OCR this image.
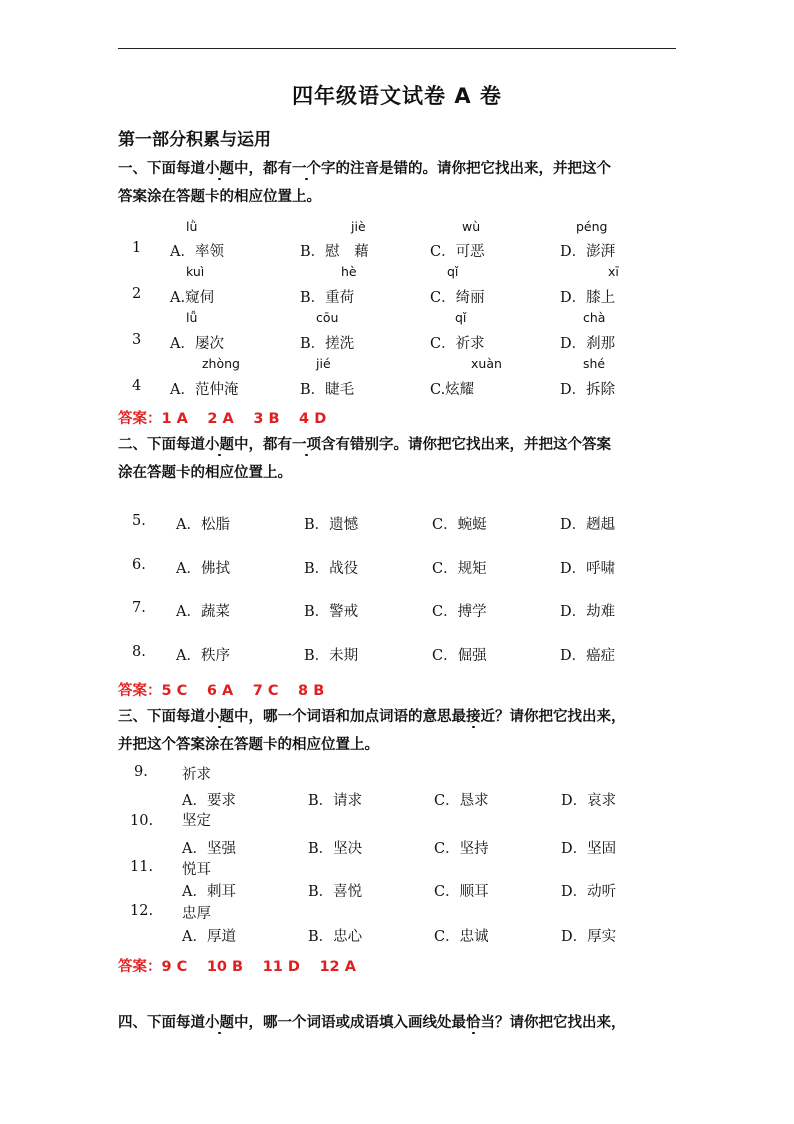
四年级语文试卷 A 卷
第一部分积累与运用
一、下面每道小题中，都有一个字的注音是错的。请你把它找出来，并把这个
答案涂在答题卡的相应位置上。
lǜ	jiè	wù	péng
1 A．率领	B．慰　藉	C．可恶	D．澎湃
kuì	hè	qǐ	xī
2 A.窥伺	B．重荷	C．绮丽	D．膝上
lǚ	cōu	qǐ	chà
3 A．屡次	B．搓洗	C．祈求	D．刹那
zhòng	jié	xuàn	shé
4 A．范仲淹	B．睫毛	C.炫耀	D．拆除
答案：1 A　 2 A　 3 B　 4 D
二、下面每道小题中，都有一项含有错别字。请你把它找出来，并把这个答案
涂在答题卡的相应位置上。
5. A．松脂	B．遗憾	C．蜿蜓	D．趔趄
6. A．佛拭	B．战役	C．规矩	D．呼啸
7. A．蔬菜	B．警戒	C．搏学	D．劫难
8. A．秩序	B．未期	C．倔强	D．癌症
答案：5 C　 6 A　 7 C　 8 B
三、下面每道小题中，哪一个词语和加点词语的意思最接近？请你把它找出来，
并把这个答案涂在答题卡的相应位置上。
9. 祈求
A．要求	B．请求	C．恳求	D．哀求
10. 坚定
A．坚强	B．坚决	C．坚持	D．坚固
11. 悦耳
A．刺耳	B．喜悦	C．顺耳	D．动听
12. 忠厚
A．厚道	B．忠心	C．忠诚	D．厚实
答案：9 C　 10 B　 11 D　 12 A
四、下面每道小题中，哪一个词语或成语填入画线处最恰当？请你把它找出来，
